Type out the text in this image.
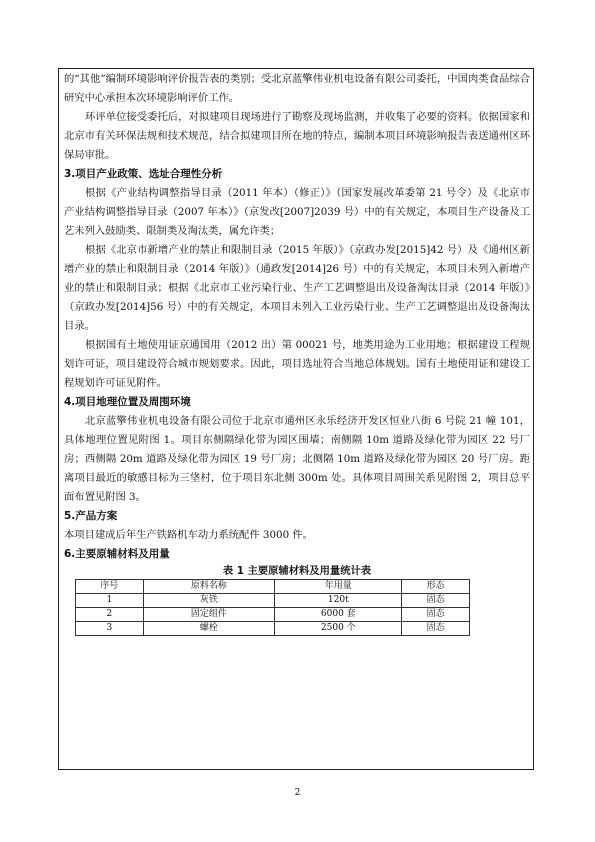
的“其他”编制环境影响评价报告表的类别；受北京蓝擎伟业机电设备有限公司委托，中国肉类食品综合研究中心承担本次环境影响评价工作。

环评单位接受委托后，对拟建项目现场进行了勘察及现场监测，并收集了必要的资料。依据国家和北京市有关环保法规和技术规范，结合拟建项目所在地的特点，编制本项目环境影响报告表送通州区环保局审批。

3.项目产业政策、选址合理性分析

根据《产业结构调整指导目录（2011 年本）（修正）》（国家发展改革委第 21 号令）及《北京市产业结构调整指导目录（2007 年本）》（京发改[2007]2039 号）中的有关规定，本项目生产设备及工艺未列入鼓励类、限制类及淘汰类，属允许类；

根据《北京市新增产业的禁止和限制目录（2015 年版）》（京政办发[2015]42 号）及《通州区新增产业的禁止和限制目录（2014 年版）》（通政发[2014]26 号）中的有关规定，本项目未列入新增产业的禁止和限制目录；根据《北京市工业污染行业、生产工艺调整退出及设备淘汰目录（2014 年版）》（京政办发[2014]56 号）中的有关规定，本项目未列入工业污染行业、生产工艺调整退出及设备淘汰目录。

根据国有土地使用证京通国用（2012 出）第 00021 号，地类用途为工业用地；根据建设工程规划许可证，项目建设符合城市规划要求。因此，项目选址符合当地总体规划。国有土地使用证和建设工程规划许可证见附件。

4.项目地理位置及周围环境

北京蓝擎伟业机电设备有限公司位于北京市通州区永乐经济开发区恒业八街 6 号院 21 幢 101，具体地理位置见附图 1。项目东侧隔绿化带为园区围墙；南侧隔 10m 道路及绿化带为园区 22 号厂房；西侧隔 20m 道路及绿化带为园区 19 号厂房；北侧隔 10m 道路及绿化带为园区 20 号厂房。距离项目最近的敏感目标为三垡村，位于项目东北侧 300m 处。具体项目周围关系见附图 2，项目总平面布置见附图 3。

5.产品方案

本项目建成后年生产铁路机车动力系统配件 3000 件。

6.主要原辅材料及用量

表 1 主要原辅材料及用量统计表

序号	原料名称	年用量	形态
1	灰铁	120t	固态
2	固定组件	6000 套	固态
3	螺栓	2500 个	固态
2
